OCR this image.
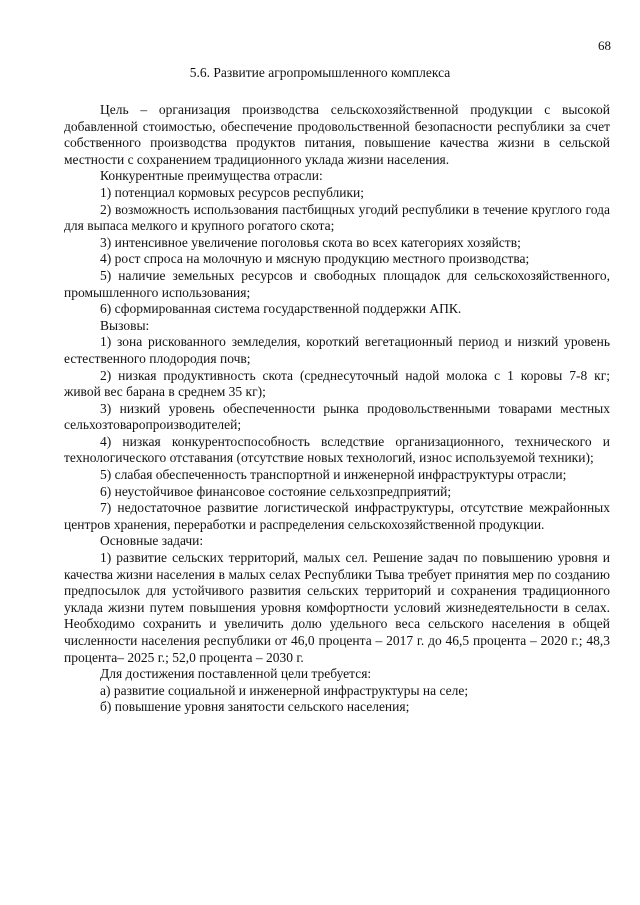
68
5.6. Развитие агропромышленного комплекса

Цель – организация производства сельскохозяйственной продукции с высокой добавленной стоимостью, обеспечение продовольственной безопасности республики за счет собственного производства продуктов питания, повышение качества жизни в сельской местности с сохранением традиционного уклада жизни населения.

Конкурентные преимущества отрасли:

1) потенциал кормовых ресурсов республики;

2) возможность использования пастбищных угодий республики в течение круглого года для выпаса мелкого и крупного рогатого скота;

3) интенсивное увеличение поголовья скота во всех категориях хозяйств;

4) рост спроса на молочную и мясную продукцию местного производства;

5) наличие земельных ресурсов и свободных площадок для сельскохозяйственного, промышленного использования;

6) сформированная система государственной поддержки АПК.

Вызовы:

1) зона рискованного земледелия, короткий вегетационный период и низкий уровень естественного плодородия почв;

2) низкая продуктивность скота (среднесуточный надой молока с 1 коровы 7-8 кг; живой вес барана в среднем 35 кг);

3) низкий уровень обеспеченности рынка продовольственными товарами местных сельхозтоваропроизводителей;

4) низкая конкурентоспособность вследствие организационного, технического и технологического отставания (отсутствие новых технологий, износ используемой техники);

5) слабая обеспеченность транспортной и инженерной инфраструктуры отрасли;

6) неустойчивое финансовое состояние сельхозпредприятий;

7) недостаточное развитие логистической инфраструктуры, отсутствие межрайонных центров хранения, переработки и распределения сельскохозяйственной продукции.

Основные задачи:

1) развитие сельских территорий, малых сел. Решение задач по повышению уровня и качества жизни населения в малых селах Республики Тыва требует принятия мер по созданию предпосылок для устойчивого развития сельских территорий и сохранения традиционного уклада жизни путем повышения уровня комфортности условий жизнедеятельности в селах. Необходимо сохранить и увеличить долю удельного веса сельского населения в общей численности населения республики от 46,0 процента – 2017 г. до 46,5 процента – 2020 г.; 48,3 процента– 2025 г.; 52,0 процента – 2030 г.

Для достижения поставленной цели требуется:

а) развитие социальной и инженерной инфраструктуры на селе;

б) повышение уровня занятости сельского населения;
